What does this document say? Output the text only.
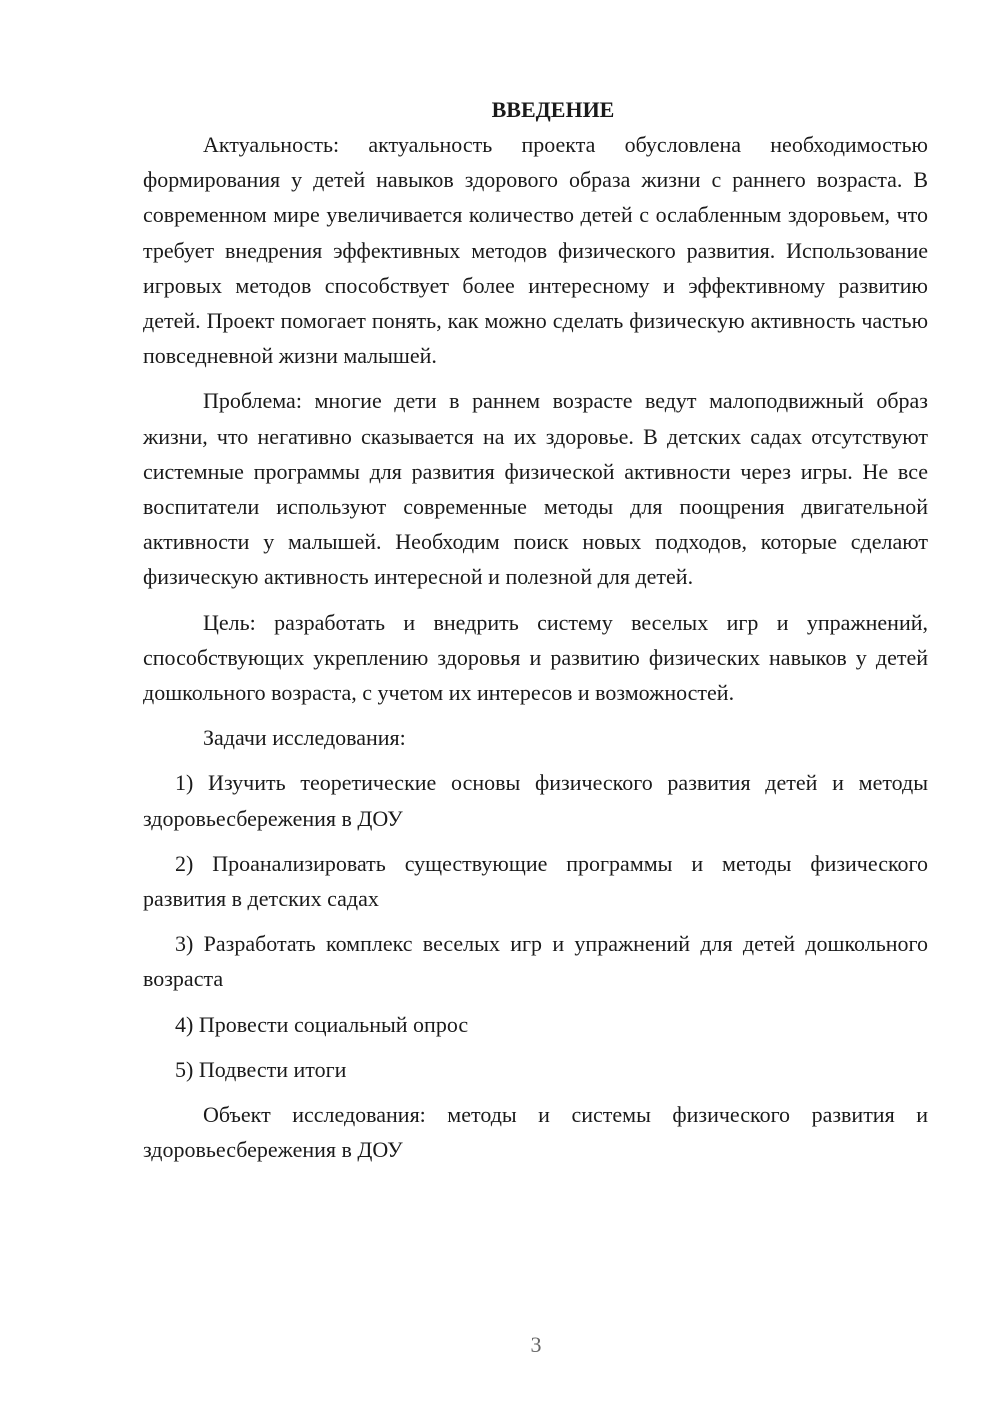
ВВЕДЕНИЕ

Актуальность: актуальность проекта обусловлена необходимостью формирования у детей навыков здорового образа жизни с раннего возраста. В современном мире увеличивается количество детей с ослабленным здоровьем, что требует внедрения эффективных методов физического развития. Использование игровых методов способствует более интересному и эффективному развитию детей. Проект помогает понять, как можно сделать физическую активность частью повседневной жизни малышей.

Проблема: многие дети в раннем возрасте ведут малоподвижный образ жизни, что негативно сказывается на их здоровье. В детских садах отсутствуют системные программы для развития физической активности через игры. Не все воспитатели используют современные методы для поощрения двигательной активности у малышей. Необходим поиск новых подходов, которые сделают физическую активность интересной и полезной для детей.

Цель: разработать и внедрить систему веселых игр и упражнений, способствующих укреплению здоровья и развитию физических навыков у детей дошкольного возраста, с учетом их интересов и возможностей.

Задачи исследования:

1) Изучить теоретические основы физического развития детей и методы здоровьесбережения в ДОУ

2) Проанализировать существующие программы и методы физического развития в детских садах

3) Разработать комплекс веселых игр и упражнений для детей дошкольного возраста

4) Провести социальный опрос

5) Подвести итоги

Объект исследования: методы и системы физического развития и здоровьесбережения в ДОУ

3
